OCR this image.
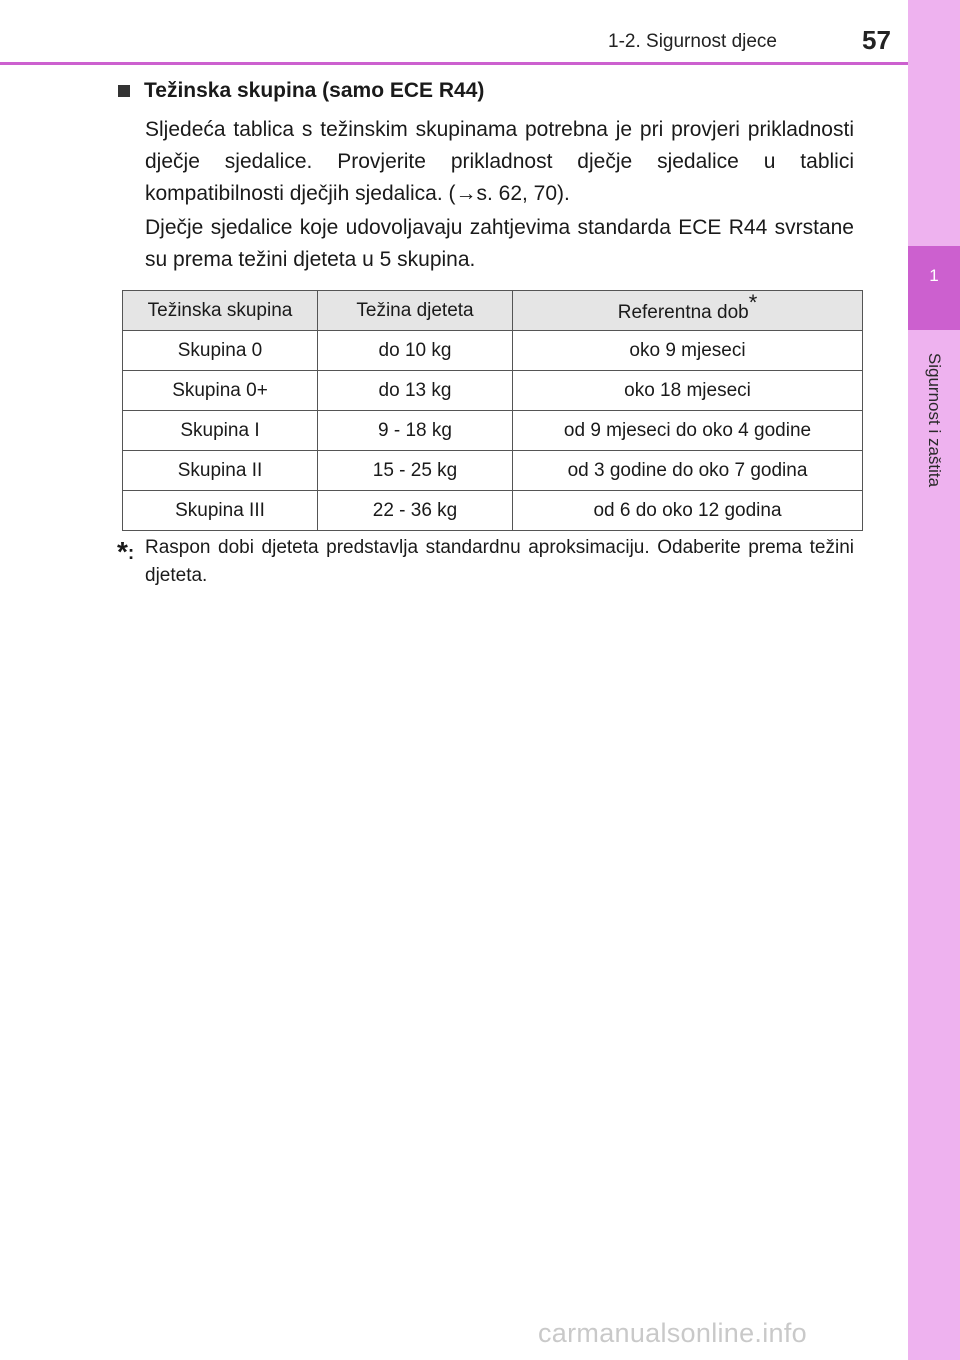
1
Sigurnost i zaštita
1-2. Sigurnost djece	57
Težinska skupina (samo ECE R44)

Sljedeća tablica s težinskim skupinama potrebna je pri provjeri prikladnosti dječje sjedalice. Provjerite prikladnost dječje sjedalice u tablici kompatibilnosti dječjih sjedalica. (→s. 62, 70).

Dječje sjedalice koje udovoljavaju zahtjevima standarda ECE R44 svrstane su prema težini djeteta u 5 skupina.

Težinska skupina	Težina djeteta	Referentna dob*
Skupina 0	do 10 kg	oko 9 mjeseci
Skupina 0+	do 13 kg	oko 18 mjeseci
Skupina I	9 - 18 kg	od 9 mjeseci do oko 4 godine
Skupina II	15 - 25 kg	od 3 godine do oko 7 godina
Skupina III	22 - 36 kg	od 6 do oko 12 godina
*: Raspon dobi djeteta predstavlja standardnu aproksimaciju. Odaberite prema težini djeteta.
carmanualsonline.info
